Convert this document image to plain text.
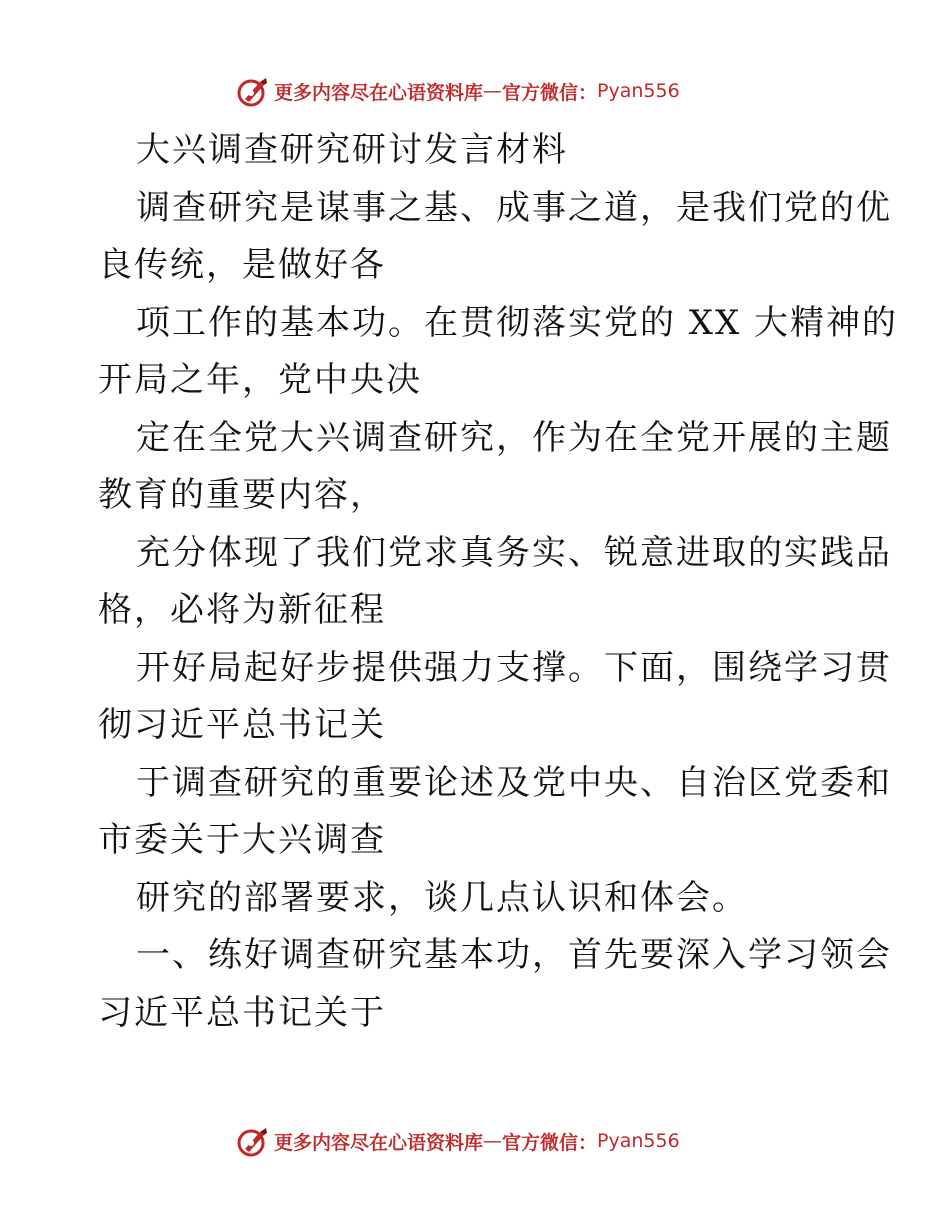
更多内容尽在心语资料库 — 官方微信： Pyan556
大兴调查研究研讨发言材料
调查研究是谋事之基、成事之道，是我们党的优
良传统，是做好各
项工作的基本功。在贯彻落实党的 XX 大精神的
开局之年，党中央决
定在全党大兴调查研究，作为在全党开展的主题
教育的重要内容，
充分体现了我们党求真务实、锐意进取的实践品
格，必将为新征程
开好局起好步提供强力支撑。下面，围绕学习贯
彻习近平总书记关
于调查研究的重要论述及党中央、自治区党委和
市委关于大兴调查
研究的部署要求，谈几点认识和体会。
一、练好调查研究基本功，首先要深入学习领会
习近平总书记关于
更多内容尽在心语资料库 — 官方微信： Pyan556
